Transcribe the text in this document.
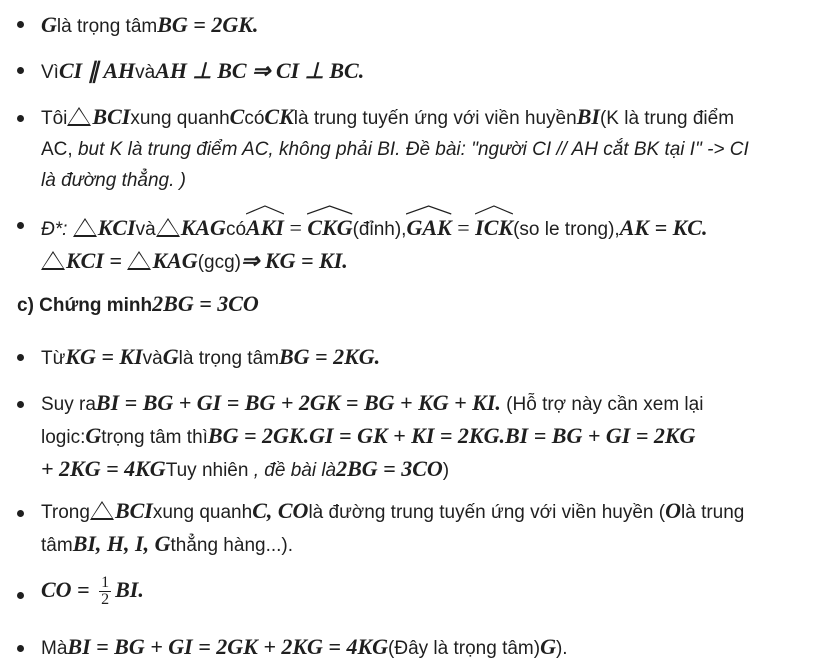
Glà trọng tâmBG = 2GK.
VìCI ∥ AHvàAH ⊥ BC ⇒ CI ⊥ BC.
Tôi BCIxung quanhCcóCKlà trung tuyến ứng với viền huyềnBI(K là trung điểm
AC, but K là trung điểm AC, không phải BI. Đề bài: "người CI // AH cắt BK tại I" -> CI
là đường thẳng. )
Đ*: KCIvà KAGcó
AKI =
CKG(đỉnh),
GAK =
ICK(so le trong),AK = KC.
KCI = KAG(gcg)⇒ KG = KI.
c) Chứng minh2BG = 3CO
TừKG = KIvàGlà trọng tâmBG = 2KG.
Suy raBI = BG + GI = BG + 2GK = BG + KG + KI. (Hỗ trợ này cần xem lại
logic:Gtrọng tâm thìBG = 2GK.GI = GK + KI = 2KG.BI = BG + GI = 2KG
+ 2KG = 4KGTuy nhiên , đề bài là2BG = 3CO)
Trong BCIxung quanhC, COlà đường trung tuyến ứng với viền huyền (Olà trung
tâmBI, H, I, Gthẳng hàng...).
CO = $\frac{1}{2}$ BI.
MàBI = BG + GI = 2GK + 2KG = 4KG(Đây là trọng tâm)G).
